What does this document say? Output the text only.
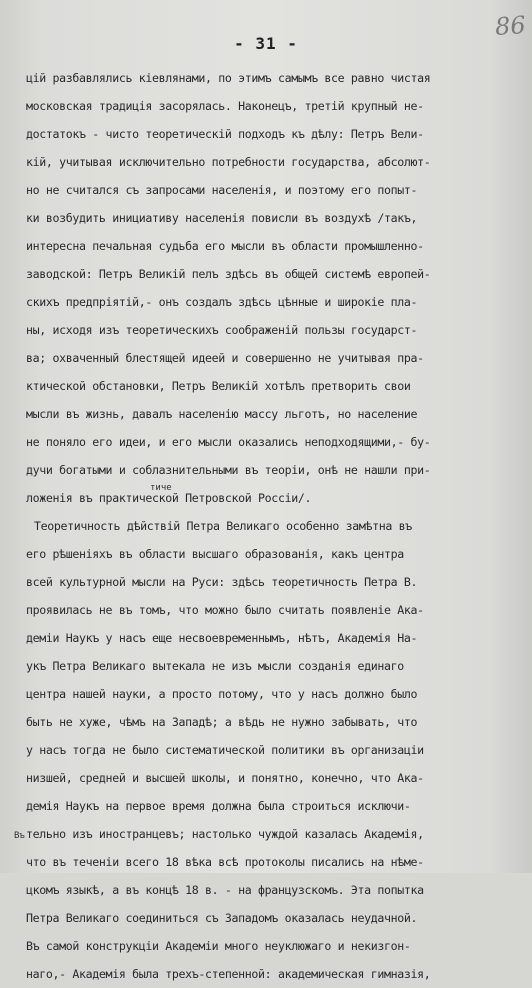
86
- 31 -
цій разбавлялись кіевлянами, по этимъ самымъ все равно чистая
московская традиція засорялась. Наконецъ, третій крупный не-
достатокъ - чисто теоретическій подходъ къ дѣлу: Петръ Вели-
кій, учитывая исключительно потребности государства, абсолют-
но не считался съ запросами населенія, и поэтому его попыт-
ки возбудить инициативу населенія повисли въ воздухѣ /такъ,
интересна печальная судьба его мысли въ области промышленно-
заводской: Петръ Великій пелъ здѣсь въ общей системѣ европей-
скихъ предпріятій,- онъ создалъ здѣсь цѣнные и широкіе пла-
ны, исходя изъ теоретическихъ соображеній пользы государст-
ва; охваченный блестящей идеей и совершенно не учитывая пра-
ктической обстановки, Петръ Великій хотѣлъ претворить свои
мысли въ жизнь, давалъ населенію массу льготъ, но население
не поняло его идеи, и его мысли оказались неподходящими,- бу-
дучи богатыми и соблазнительными въ теоріи, онѣ не нашли при-
ложенія въ практической Петровской Россіи/.
Теоретичность дѣйствій Петра Великаго особенно замѣтна въ
его рѣшеніяхъ въ области высшаго образованія, какъ центра
всей культурной мысли на Руси: здѣсь теоретичность Петра В.
проявилась не въ томъ, что можно было считать появленіе Ака-
деміи Наукъ у насъ еще несвоевременнымъ, нѣтъ, Академія На-
укъ Петра Великаго вытекала не изъ мысли созданія единаго
центра нашей науки, а просто потому, что у насъ должно было
быть не хуже, чѣмъ на Западѣ; а вѣдь не нужно забывать, что
у насъ тогда не было систематической политики въ организаціи
низшей, средней и высшей школы, и понятно, конечно, что Ака-
демія Наукъ на первое время должна была строиться исключи-
тельно изъ иностранцевъ; настолько чуждой казалась Академія,
что въ теченіи всего 18 вѣка всѣ протоколы писались на нѣме-
цкомъ языкѣ, а въ концѣ 18 в. - на французскомъ. Эта попытка
Петра Великаго соединиться съ Западомъ оказалась неудачной.
Въ самой конструкціи Академіи много неуклюжаго и некизгон-
наго,- Академія была трехъ-степенной: академическая гимназія,
тиче
Въ
